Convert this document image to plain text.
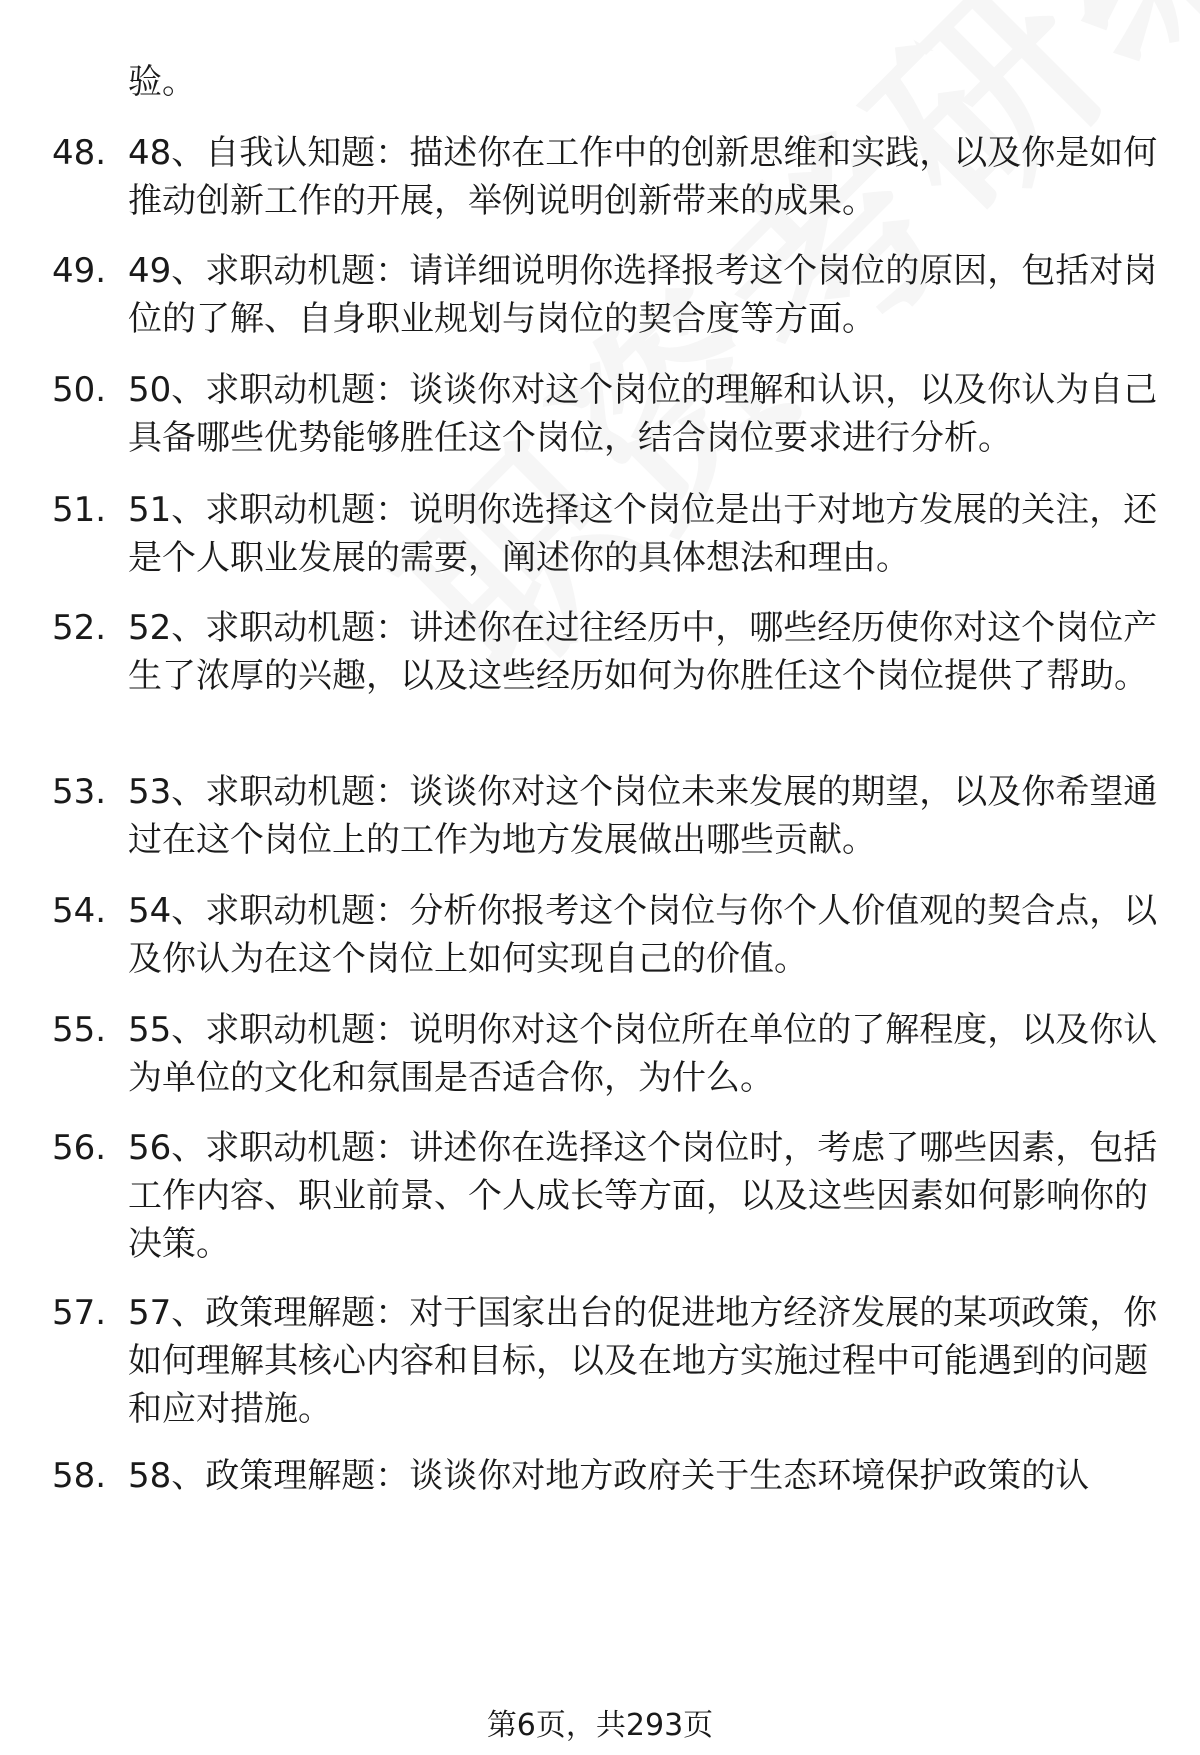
验。
48. 48、自我认知题：描述你在工作中的创新思维和实践，以及你是如何推动创新工作的开展，举例说明创新带来的成果。
49. 49、求职动机题：请详细说明你选择报考这个岗位的原因，包括对岗位的了解、自身职业规划与岗位的契合度等方面。
50. 50、求职动机题：谈谈你对这个岗位的理解和认识，以及你认为自己具备哪些优势能够胜任这个岗位，结合岗位要求进行分析。
51. 51、求职动机题：说明你选择这个岗位是出于对地方发展的关注，还是个人职业发展的需要，阐述你的具体想法和理由。
52. 52、求职动机题：讲述你在过往经历中，哪些经历使你对这个岗位产生了浓厚的兴趣，以及这些经历如何为你胜任这个岗位提供了帮助。
53. 53、求职动机题：谈谈你对这个岗位未来发展的期望，以及你希望通过在这个岗位上的工作为地方发展做出哪些贡献。
54. 54、求职动机题：分析你报考这个岗位与你个人价值观的契合点，以及你认为在这个岗位上如何实现自己的价值。
55. 55、求职动机题：说明你对这个岗位所在单位的了解程度，以及你认为单位的文化和氛围是否适合你，为什么。
56. 56、求职动机题：讲述你在选择这个岗位时，考虑了哪些因素，包括工作内容、职业前景、个人成长等方面，以及这些因素如何影响你的决策。
57. 57、政策理解题：对于国家出台的促进地方经济发展的某项政策，你如何理解其核心内容和目标，以及在地方实施过程中可能遇到的问题和应对措施。
58. 58、政策理解题：谈谈你对地方政府关于生态环境保护政策的认
第6页，共293页
